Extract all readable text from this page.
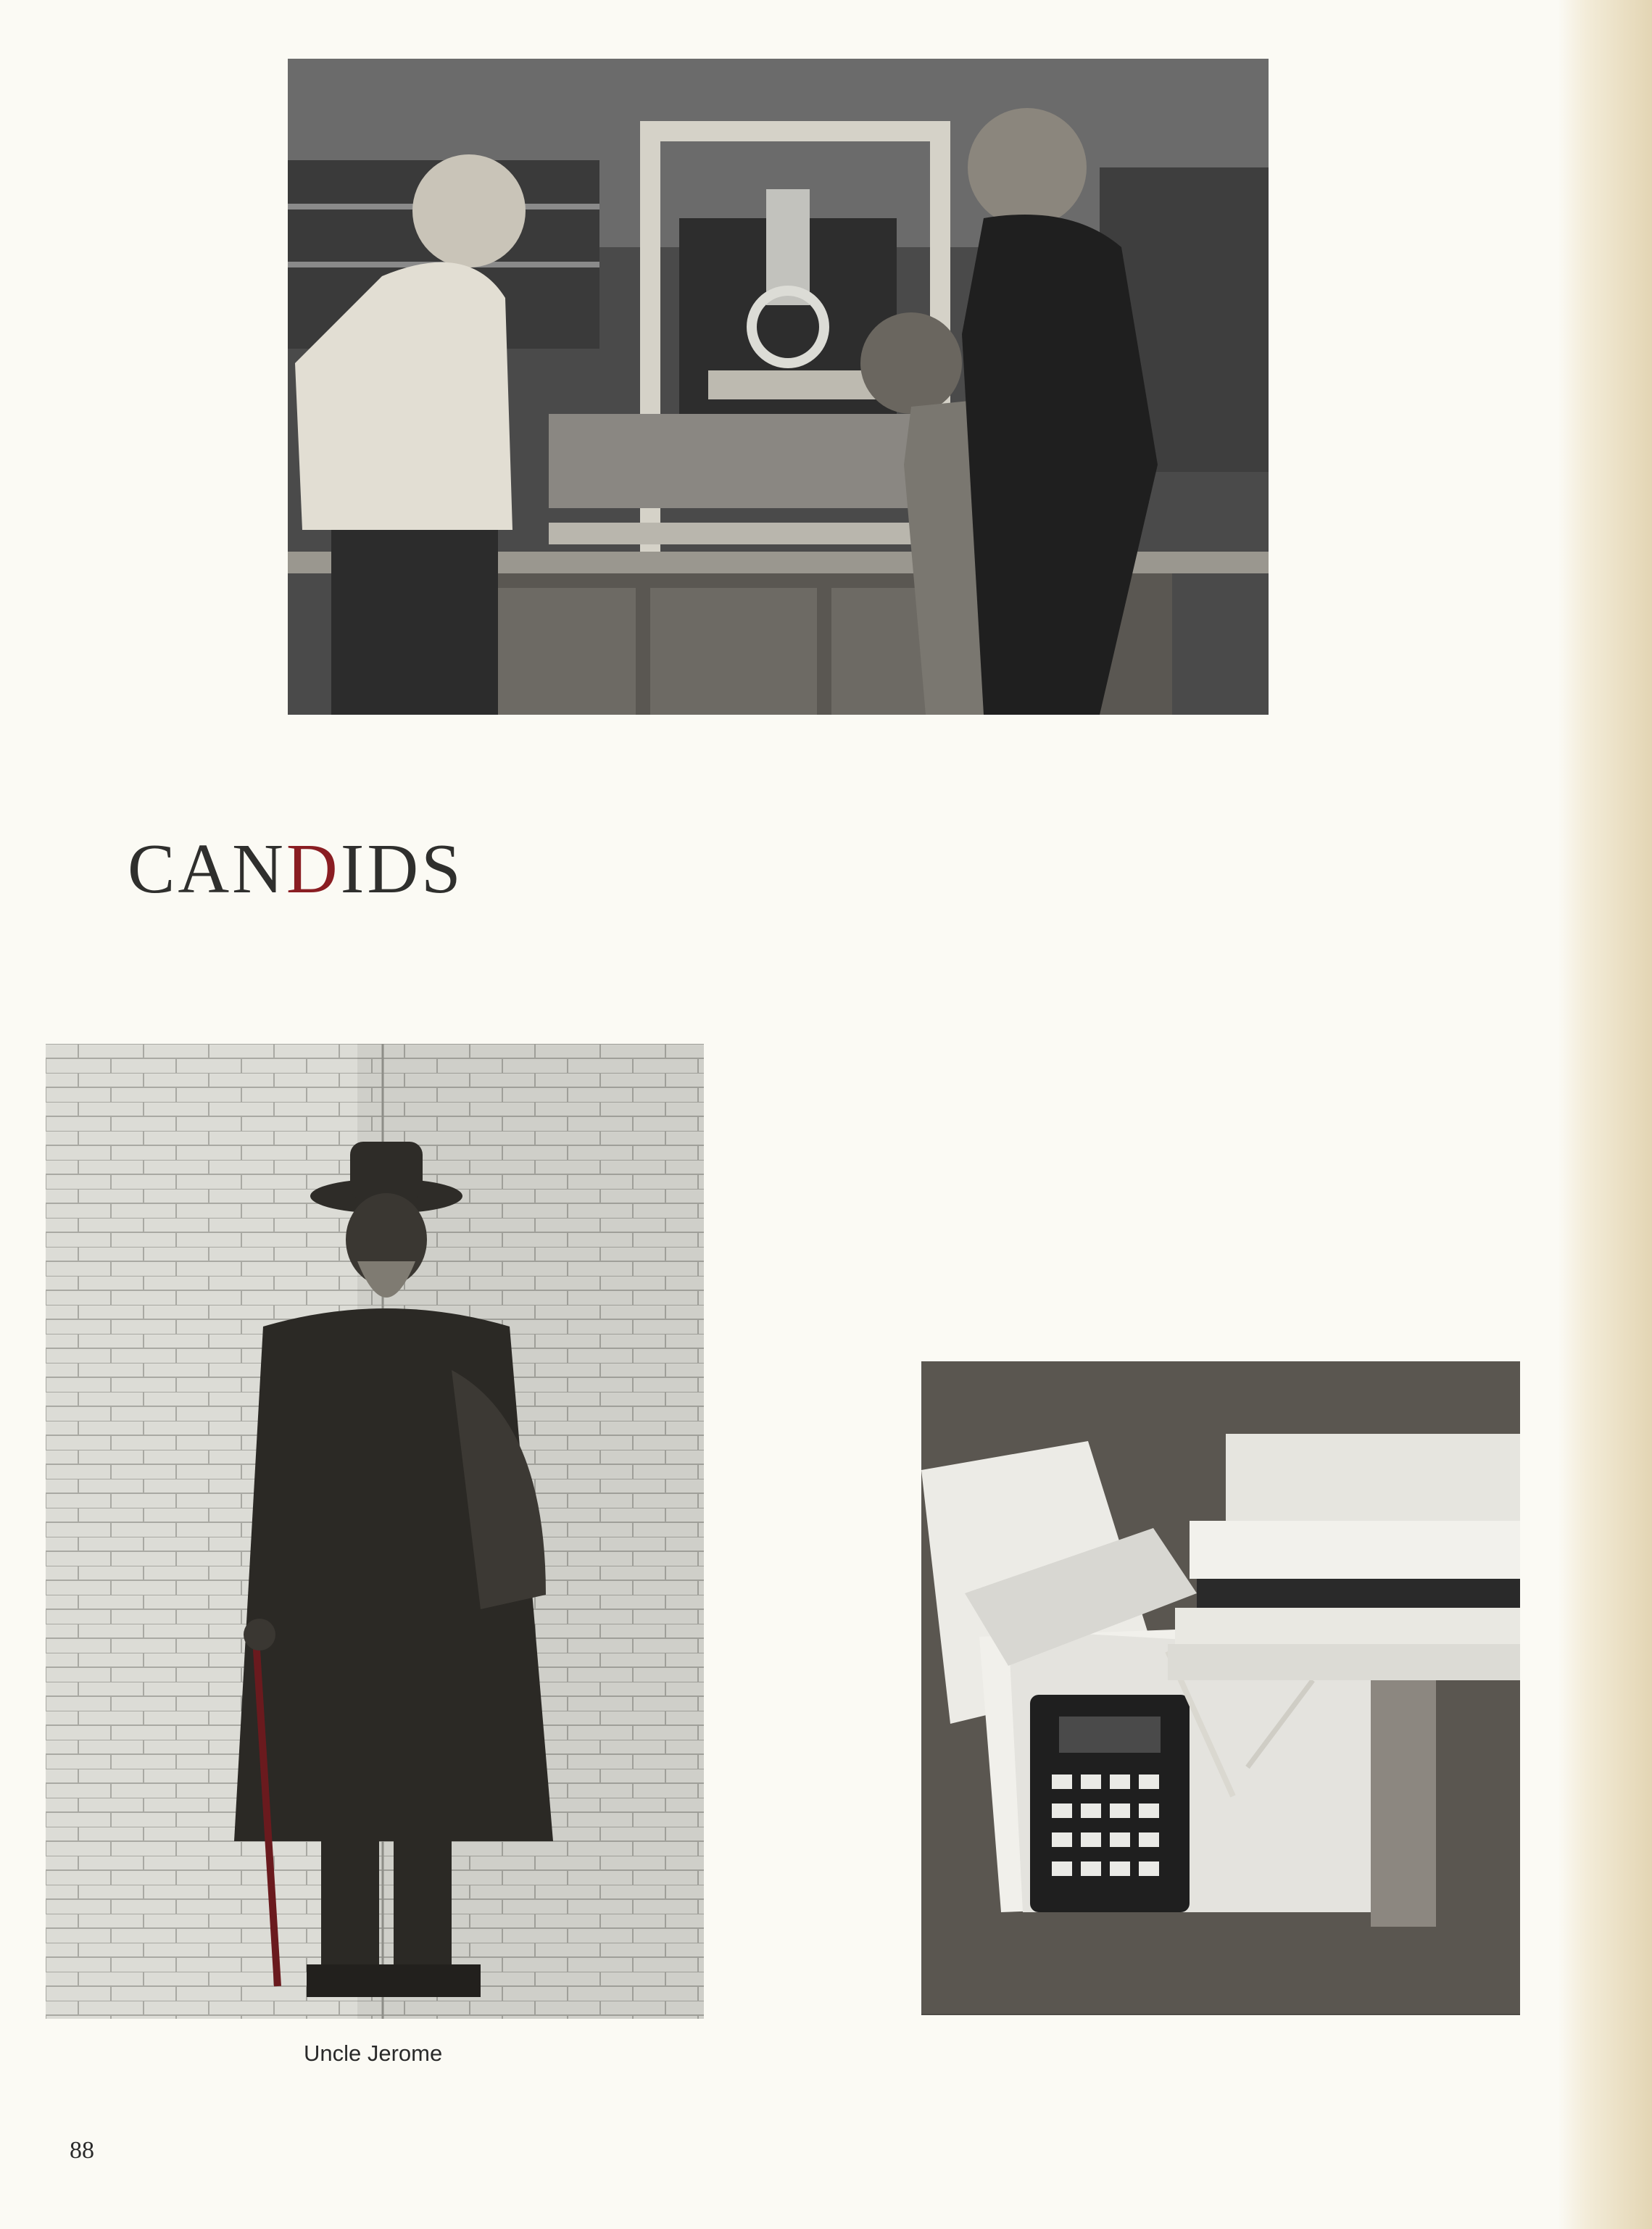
CANDIDS
Uncle Jerome
88
